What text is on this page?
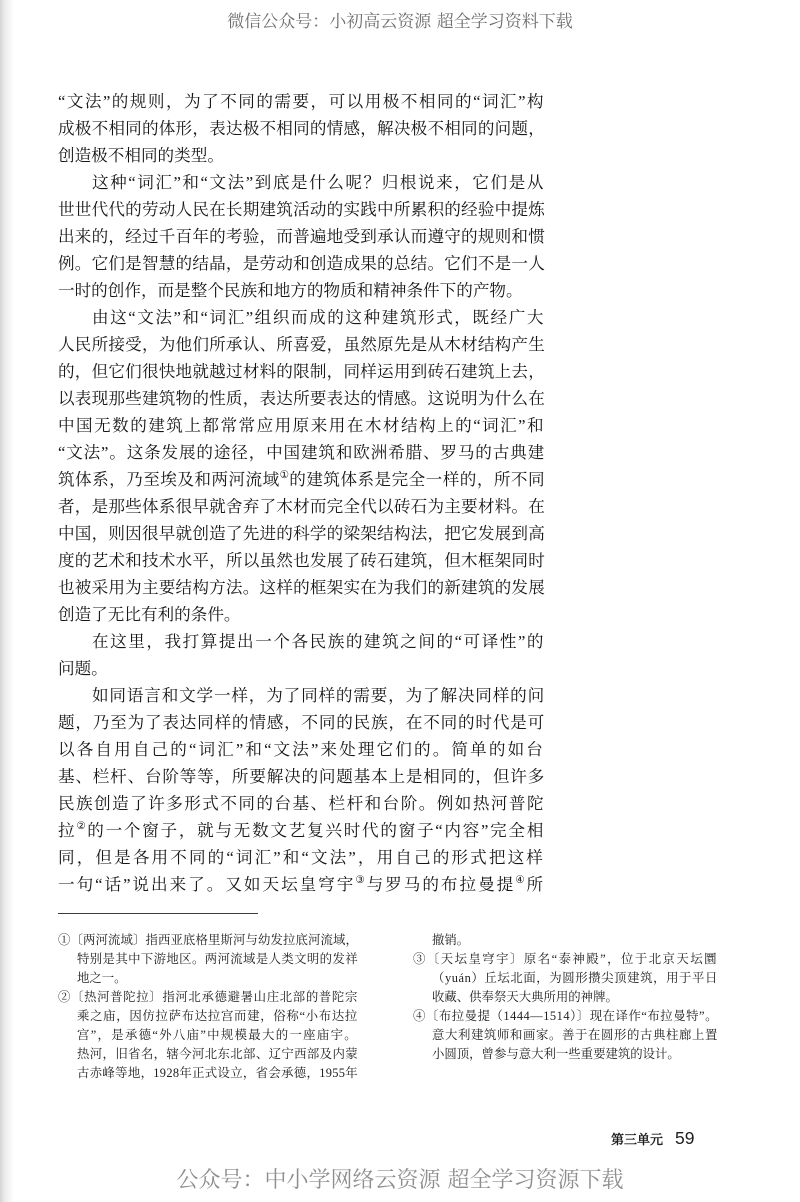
微信公众号：小初高云资源 超全学习资料下载
“文法”的规则，为了不同的需要，可以用极不相同的“词汇”构
成极不相同的体形，表达极不相同的情感，解决极不相同的问题，
创造极不相同的类型。
这种“词汇”和“文法”到底是什么呢？归根说来，它们是从
世世代代的劳动人民在长期建筑活动的实践中所累积的经验中提炼
出来的，经过千百年的考验，而普遍地受到承认而遵守的规则和惯
例。它们是智慧的结晶，是劳动和创造成果的总结。它们不是一人
一时的创作，而是整个民族和地方的物质和精神条件下的产物。
由这“文法”和“词汇”组织而成的这种建筑形式，既经广大
人民所接受，为他们所承认、所喜爱，虽然原先是从木材结构产生
的，但它们很快地就越过材料的限制，同样运用到砖石建筑上去，
以表现那些建筑物的性质，表达所要表达的情感。这说明为什么在
中国无数的建筑上都常常应用原来用在木材结构上的“词汇”和
“文法”。这条发展的途径，中国建筑和欧洲希腊、罗马的古典建
筑体系，乃至埃及和两河流域①的建筑体系是完全一样的，所不同
者，是那些体系很早就舍弃了木材而完全代以砖石为主要材料。在
中国，则因很早就创造了先进的科学的梁架结构法，把它发展到高
度的艺术和技术水平，所以虽然也发展了砖石建筑，但木框架同时
也被采用为主要结构方法。这样的框架实在为我们的新建筑的发展
创造了无比有利的条件。
在这里，我打算提出一个各民族的建筑之间的“可译性”的
问题。
如同语言和文学一样，为了同样的需要，为了解决同样的问
题，乃至为了表达同样的情感，不同的民族，在不同的时代是可
以各自用自己的“词汇”和“文法”来处理它们的。简单的如台
基、栏杆、台阶等等，所要解决的问题基本上是相同的，但许多
民族创造了许多形式不同的台基、栏杆和台阶。例如热河普陀
拉②的一个窗子，就与无数文艺复兴时代的窗子“内容”完全相
同，但是各用不同的“词汇”和“文法”，用自己的形式把这样
一句“话”说出来了。又如天坛皇穹宇③与罗马的布拉曼提④所
①〔两河流域〕指西亚底格里斯河与幼发拉底河流域，
特别是其中下游地区。两河流域是人类文明的发祥
地之一。
②〔热河普陀拉〕指河北承德避暑山庄北部的普陀宗
乘之庙，因仿拉萨布达拉宫而建，俗称“小布达拉
宫”，是承德“外八庙”中规模最大的一座庙宇。
热河，旧省名，辖今河北东北部、辽宁西部及内蒙
古赤峰等地，1928年正式设立，省会承德，1955年
撤销。
③〔天坛皇穹宇〕原名“泰神殿”，位于北京天坛圜
（yuán）丘坛北面，为圆形攒尖顶建筑，用于平日
收藏、供奉祭天大典所用的神牌。
④〔布拉曼提（1444—1514）〕现在译作“布拉曼特”。
意大利建筑师和画家。善于在圆形的古典柱廊上置
小圆顶，曾参与意大利一些重要建筑的设计。
第三单元 59
公众号：中小学网络云资源 超全学习资源下载
